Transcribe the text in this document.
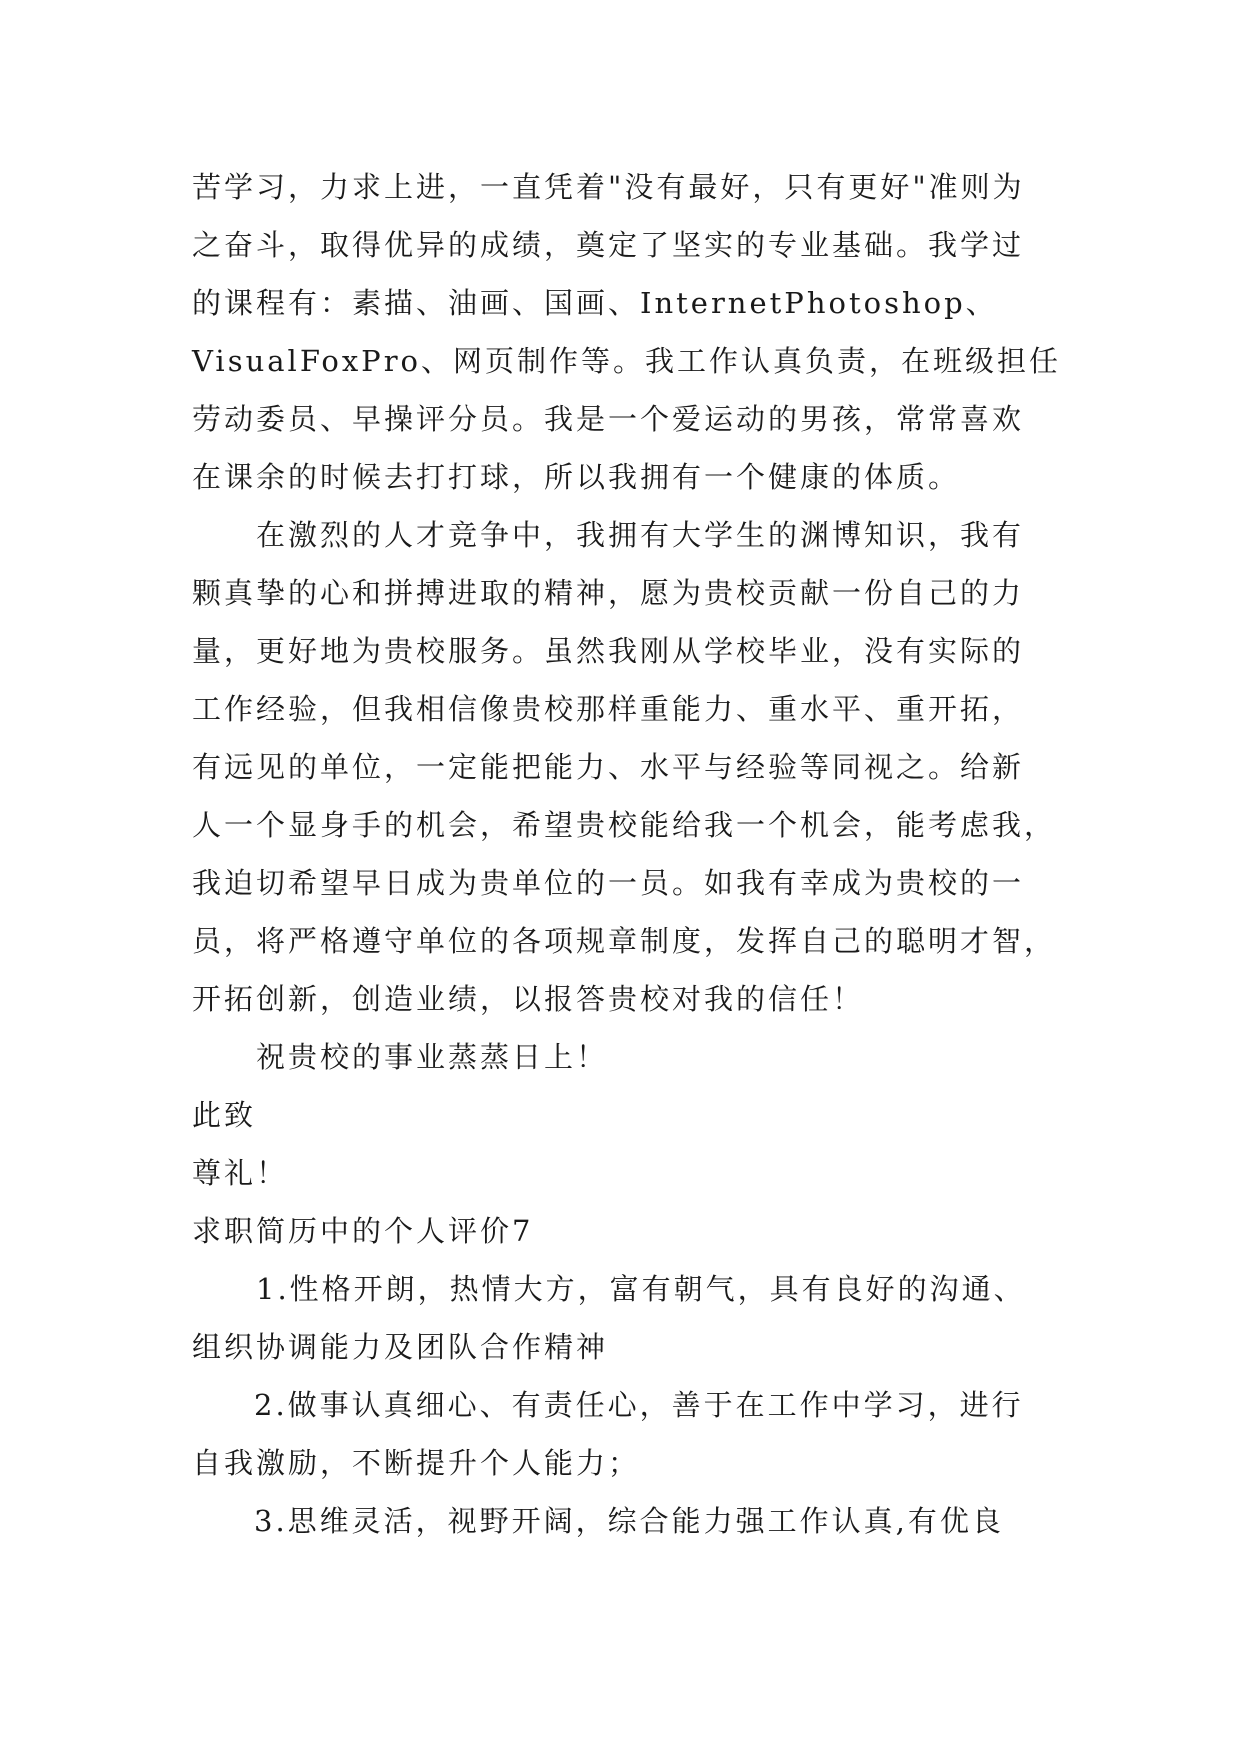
苦学习，力求上进，一直凭着"没有最好，只有更好"准则为
之奋斗，取得优异的成绩，奠定了坚实的专业基础。我学过
的课程有：素描、油画、国画、InternetPhotoshop、
VisualFoxPro、网页制作等。我工作认真负责，在班级担任
劳动委员、早操评分员。我是一个爱运动的男孩，常常喜欢
在课余的时候去打打球，所以我拥有一个健康的体质。
在激烈的人才竞争中，我拥有大学生的渊博知识，我有
颗真挚的心和拼搏进取的精神，愿为贵校贡献一份自己的力
量，更好地为贵校服务。虽然我刚从学校毕业，没有实际的
工作经验，但我相信像贵校那样重能力、重水平、重开拓，
有远见的单位，一定能把能力、水平与经验等同视之。给新
人一个显身手的机会，希望贵校能给我一个机会，能考虑我，
我迫切希望早日成为贵单位的一员。如我有幸成为贵校的一
员，将严格遵守单位的各项规章制度，发挥自己的聪明才智，
开拓创新，创造业绩，以报答贵校对我的信任！
祝贵校的事业蒸蒸日上！
此致
尊礼！
求职简历中的个人评价7
1.性格开朗，热情大方，富有朝气，具有良好的沟通、
组织协调能力及团队合作精神
2.做事认真细心、有责任心，善于在工作中学习，进行
自我激励，不断提升个人能力；
3.思维灵活，视野开阔，综合能力强工作认真,有优良
